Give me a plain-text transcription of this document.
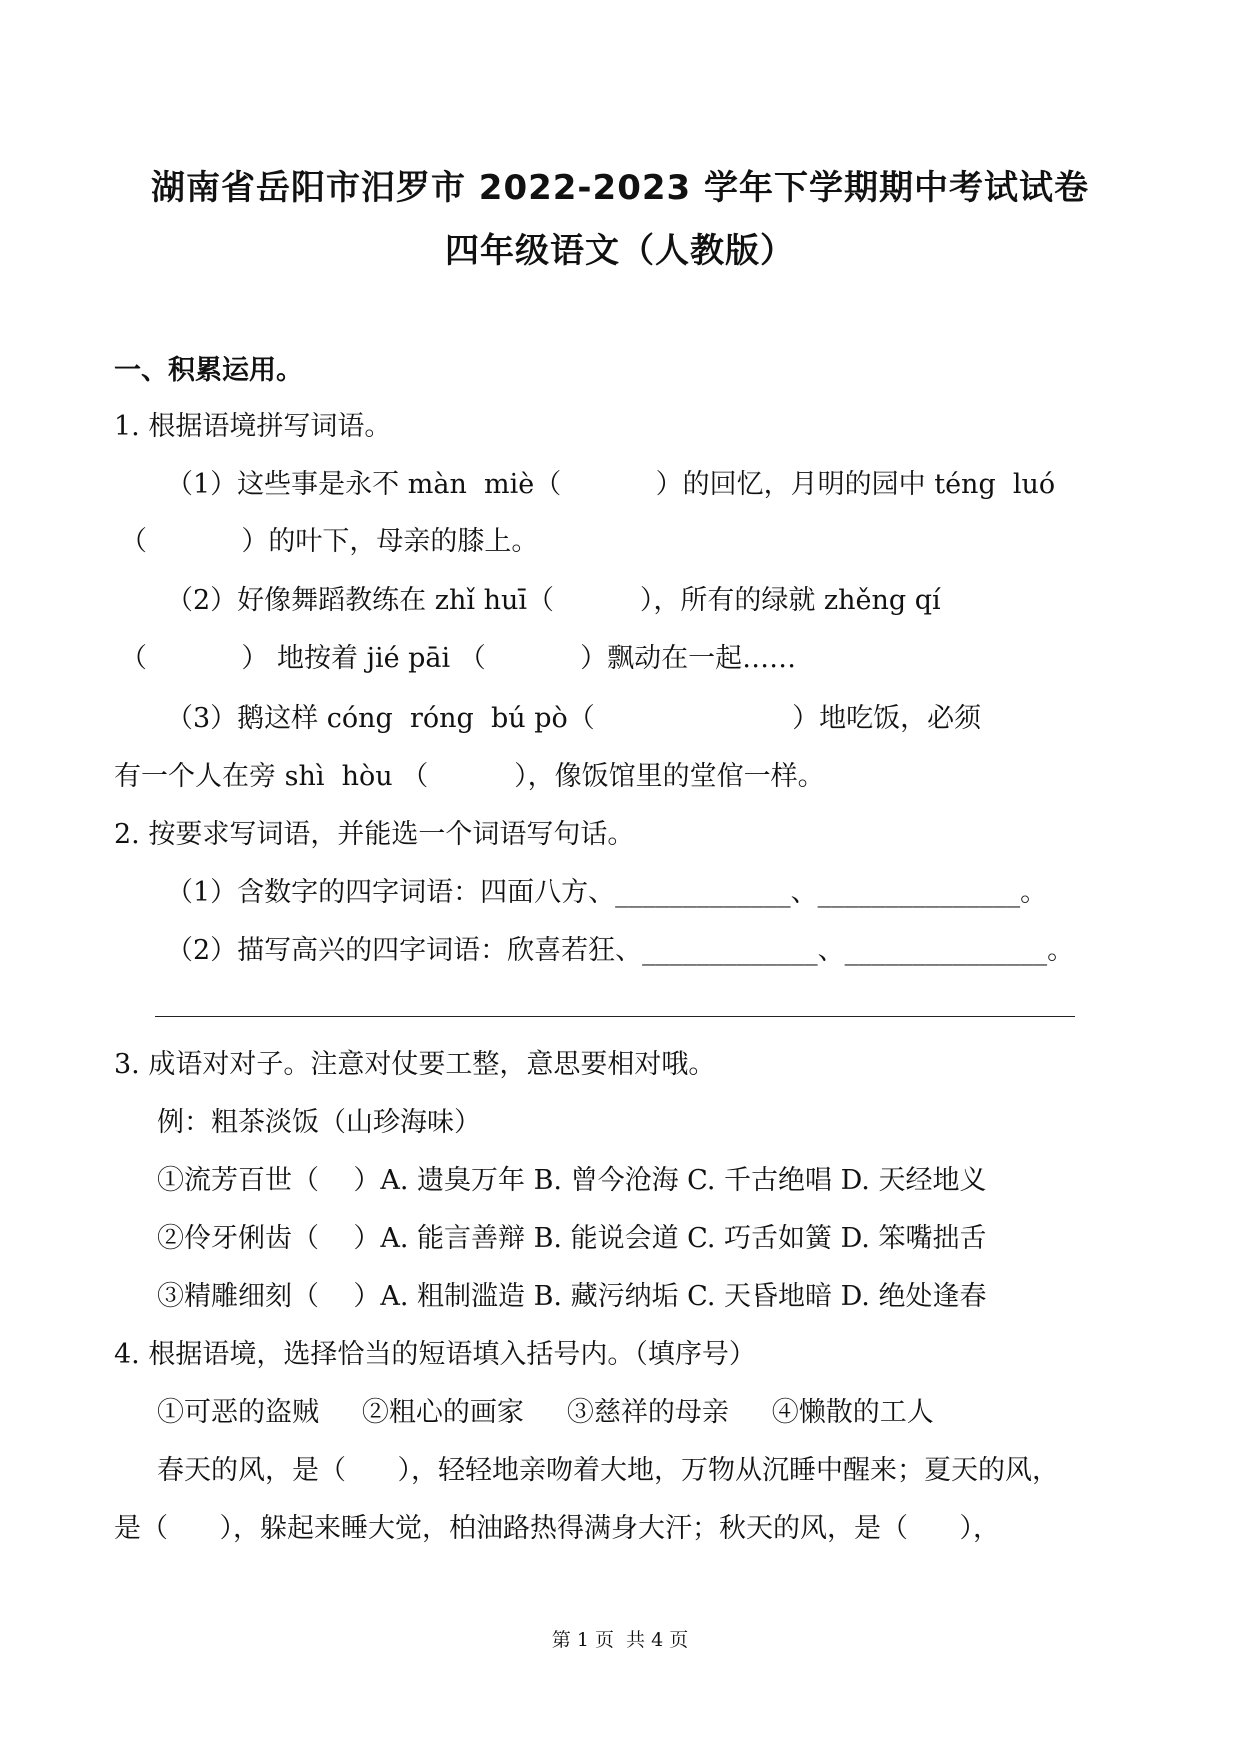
湖南省岳阳市汨罗市 2022-2023 学年下学期期中考试试卷
四年级语文（人教版）
一、积累运用。
1. 根据语境拼写词语。
（1）这些事是永不 màn  miè（           ）的回忆，月明的园中 téng  luó
（           ）的叶下，母亲的膝上。
（2）好像舞蹈教练在 zhǐ huī（          ），所有的绿就 zhěng qí
（           ） 地按着 jié pāi （           ）飘动在一起……
（3）鹅这样 cóng  róng  bú pò（                       ）地吃饭，必须
有一个人在旁 shì  hòu （          ），像饭馆里的堂倌一样。
2. 按要求写词语，并能选一个词语写句话。
（1）含数字的四字词语：四面八方、_____________、_______________。
（2）描写高兴的四字词语：欣喜若狂、_____________、_______________。
3. 成语对对子。注意对仗要工整，意思要相对哦。
例：粗茶淡饭（山珍海味）
①流芳百世（    ）A. 遗臭万年 B. 曾今沧海 C. 千古绝唱 D. 天经地义
②伶牙俐齿（    ）A. 能言善辩 B. 能说会道 C. 巧舌如簧 D. 笨嘴拙舌
③精雕细刻（    ）A. 粗制滥造 B. 藏污纳垢 C. 天昏地暗 D. 绝处逢春
4. 根据语境，选择恰当的短语填入括号内。（填序号）
①可恶的盗贼     ②粗心的画家     ③慈祥的母亲     ④懒散的工人
春天的风，是（      ），轻轻地亲吻着大地，万物从沉睡中醒来；夏天的风，
是（      ），躲起来睡大觉，柏油路热得满身大汗；秋天的风，是（      ），
第 1 页  共 4 页
